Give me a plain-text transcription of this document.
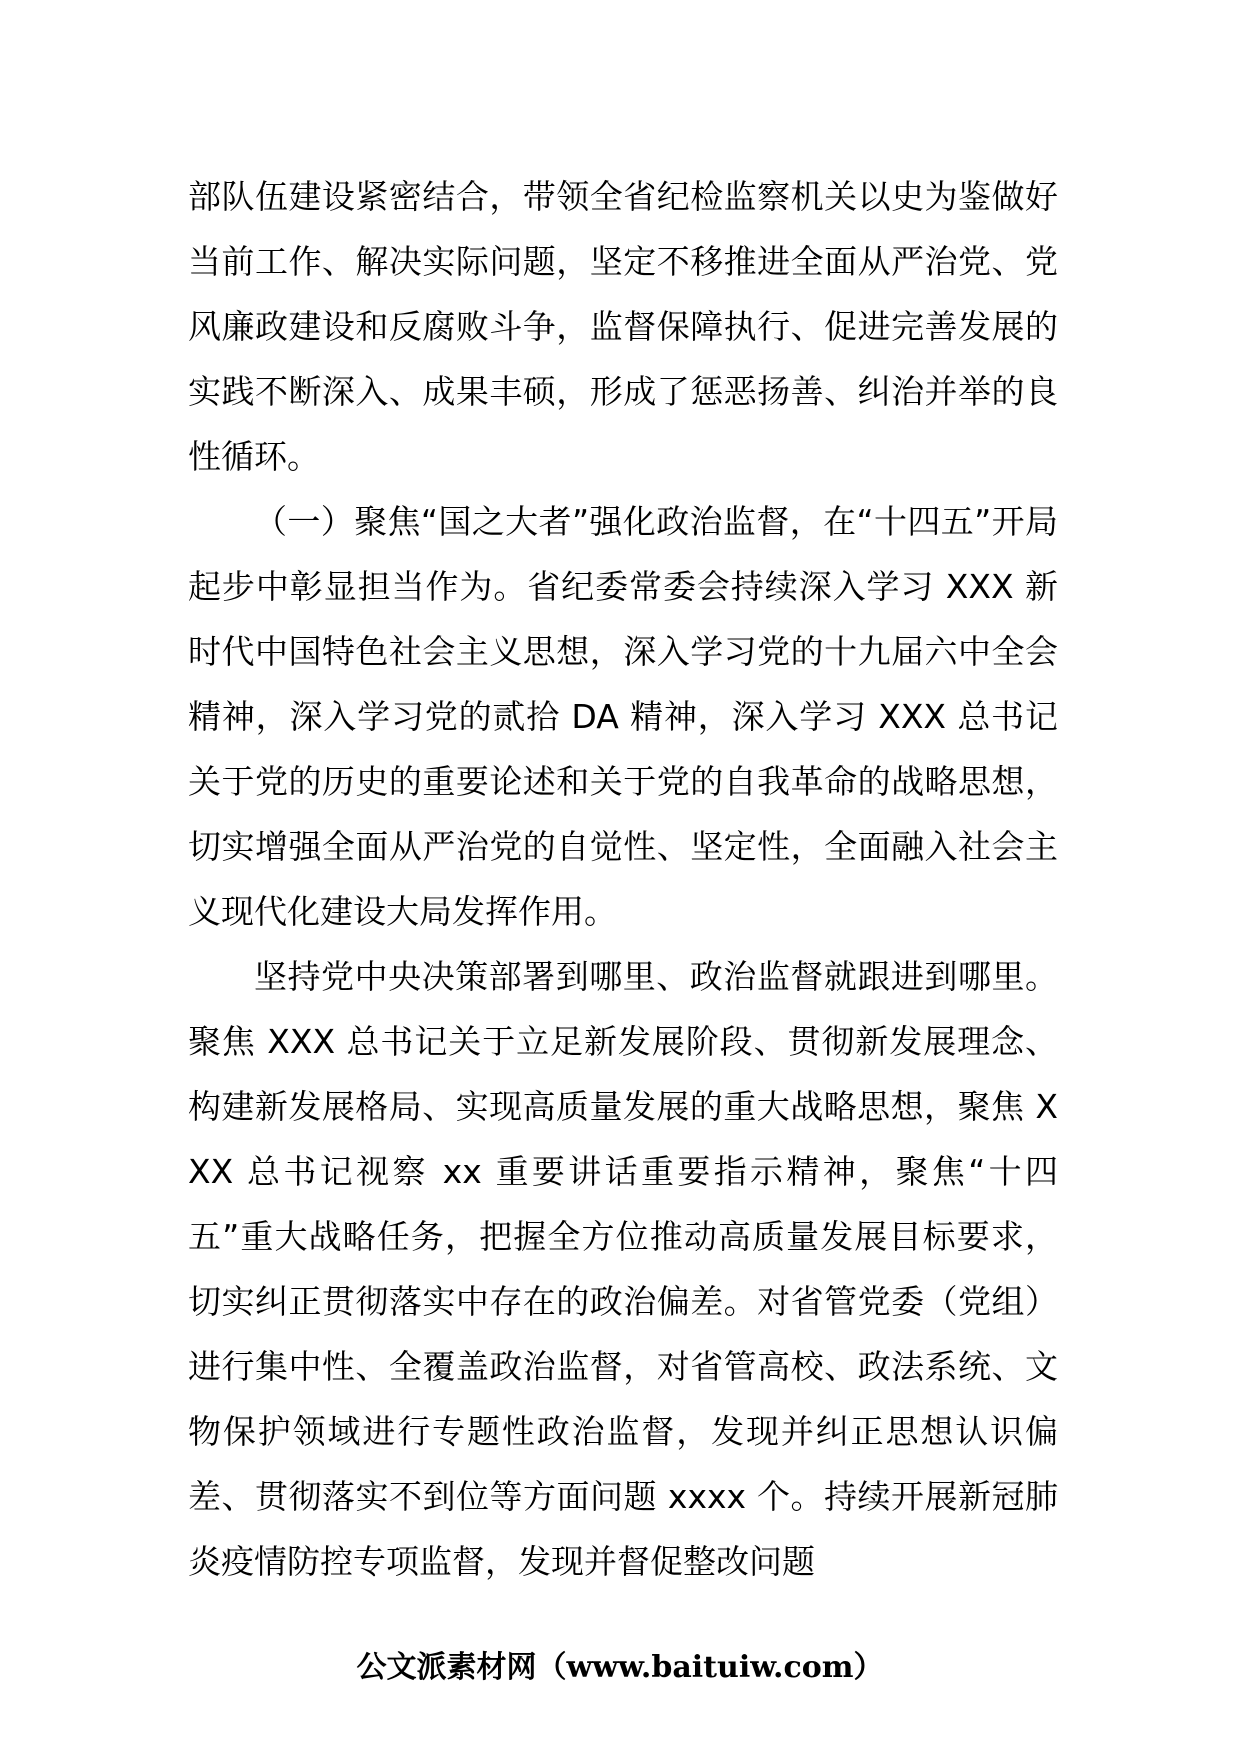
部队伍建设紧密结合，带领全省纪检监察机关以史为鉴做好当前工作、解决实际问题，坚定不移推进全面从严治党、党风廉政建设和反腐败斗争，监督保障执行、促进完善发展的实践不断深入、成果丰硕，形成了惩恶扬善、纠治并举的良性循环。

（一）聚焦“国之大者”强化政治监督，在“十四五”开局起步中彰显担当作为。省纪委常委会持续深入学习 XXX 新时代中国特色社会主义思想，深入学习党的十九届六中全会精神，深入学习党的贰拾 DA 精神，深入学习 XXX 总书记关于党的历史的重要论述和关于党的自我革命的战略思想，切实增强全面从严治党的自觉性、坚定性，全面融入社会主义现代化建设大局发挥作用。

坚持党中央决策部署到哪里、政治监督就跟进到哪里。聚焦 XXX 总书记关于立足新发展阶段、贯彻新发展理念、构建新发展格局、实现高质量发展的重大战略思想，聚焦 XXX 总书记视察 xx 重要讲话重要指示精神，聚焦“十四五”重大战略任务，把握全方位推动高质量发展目标要求，切实纠正贯彻落实中存在的政治偏差。对省管党委（党组）进行集中性、全覆盖政治监督，对省管高校、政法系统、文物保护领域进行专题性政治监督，发现并纠正思想认识偏差、贯彻落实不到位等方面问题 xxxx 个。持续开展新冠肺炎疫情防控专项监督，发现并督促整改问题

公文派素材网（www.baituiw.com）
